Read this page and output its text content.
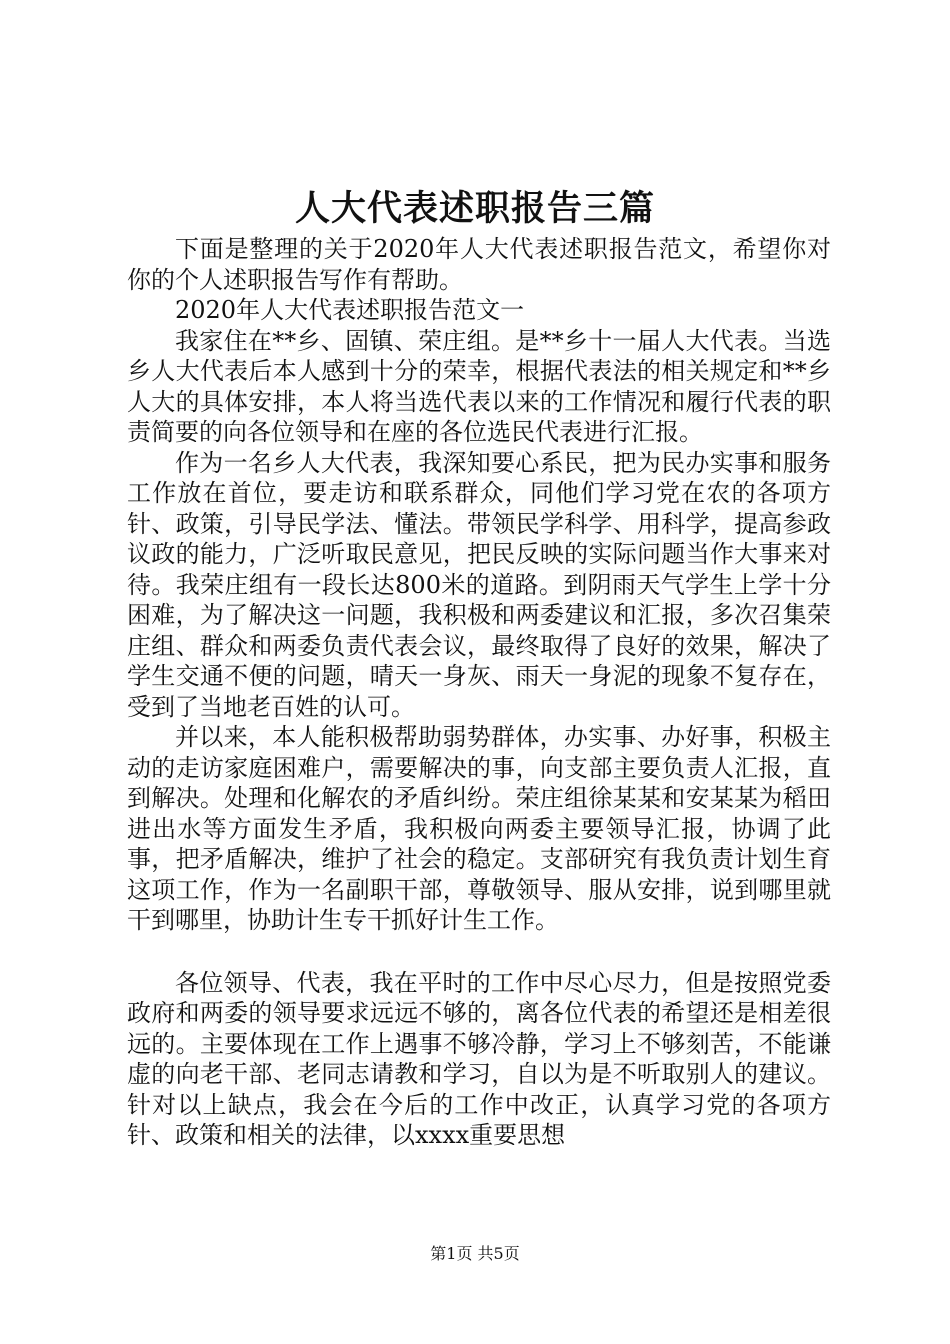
人大代表述职报告三篇

下面是整理的关于2020年人大代表述职报告范文，希望你对你的个人述职报告写作有帮助。

2020年人大代表述职报告范文一

我家住在**乡、固镇、荣庄组。是**乡十一届人大代表。当选乡人大代表后本人感到十分的荣幸，根据代表法的相关规定和**乡人大的具体安排，本人将当选代表以来的工作情况和履行代表的职责简要的向各位领导和在座的各位选民代表进行汇报。

作为一名乡人大代表，我深知要心系民，把为民办实事和服务工作放在首位，要走访和联系群众，同他们学习党在农的各项方针、政策，引导民学法、懂法。带领民学科学、用科学，提高参政议政的能力，广泛听取民意见，把民反映的实际问题当作大事来对待。我荣庄组有一段长达800米的道路。到阴雨天气学生上学十分困难，为了解决这一问题，我积极和两委建议和汇报，多次召集荣庄组、群众和两委负责代表会议，最终取得了良好的效果，解决了学生交通不便的问题，晴天一身灰、雨天一身泥的现象不复存在，受到了当地老百姓的认可。

并以来，本人能积极帮助弱势群体，办实事、办好事，积极主动的走访家庭困难户，需要解决的事，向支部主要负责人汇报，直到解决。处理和化解农的矛盾纠纷。荣庄组徐某某和安某某为稻田进出水等方面发生矛盾，我积极向两委主要领导汇报，协调了此事，把矛盾解决，维护了社会的稳定。支部研究有我负责计划生育这项工作，作为一名副职干部，尊敬领导、服从安排，说到哪里就干到哪里，协助计生专干抓好计生工作。

各位领导、代表，我在平时的工作中尽心尽力，但是按照党委政府和两委的领导要求远远不够的，离各位代表的希望还是相差很远的。主要体现在工作上遇事不够冷静，学习上不够刻苦，不能谦虚的向老干部、老同志请教和学习，自以为是不听取别人的建议。针对以上缺点，我会在今后的工作中改正，认真学习党的各项方针、政策和相关的法律，以xxxx重要思想

第1页 共5页
